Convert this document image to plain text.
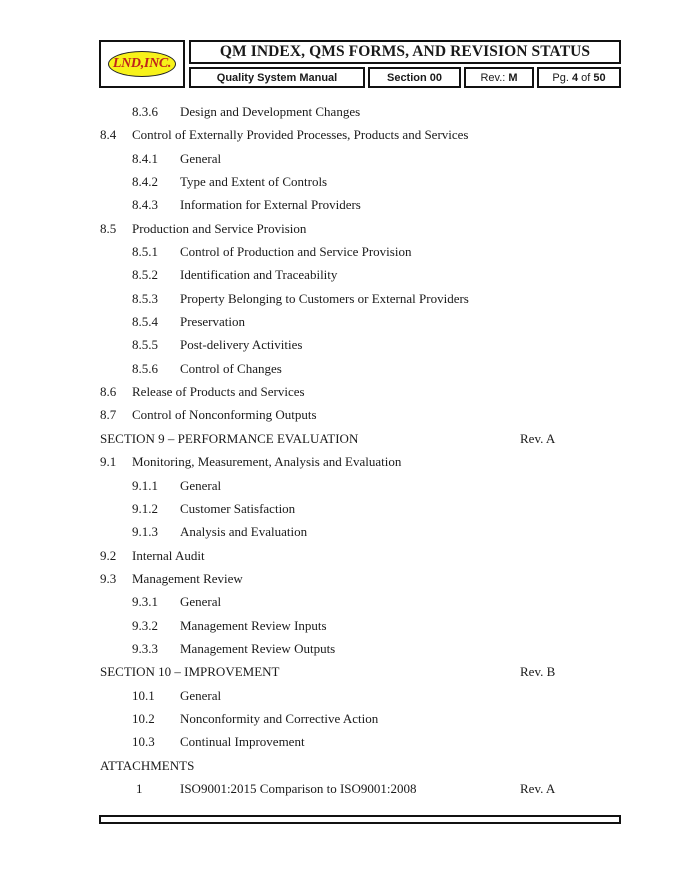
LND,INC.
QM INDEX, QMS FORMS, AND REVISION STATUS
Quality System Manual	Section 00	Rev.:
M	Pg.
4
of
50
8.3.6 Design and Development Changes
8.4 Control of Externally Provided Processes, Products and Services
8.4.1 General
8.4.2 Type and Extent of Controls
8.4.3 Information for External Providers
8.5 Production and Service Provision
8.5.1 Control of Production and Service Provision
8.5.2 Identification and Traceability
8.5.3 Property Belonging to Customers or External Providers
8.5.4 Preservation
8.5.5 Post-delivery Activities
8.5.6 Control of Changes
8.6 Release of Products and Services
8.7 Control of Nonconforming Outputs
SECTION 9 – PERFORMANCE EVALUATION	Rev. A
9.1 Monitoring, Measurement, Analysis and Evaluation
9.1.1 General
9.1.2 Customer Satisfaction
9.1.3 Analysis and Evaluation
9.2 Internal Audit
9.3 Management Review
9.3.1 General
9.3.2 Management Review Inputs
9.3.3 Management Review Outputs
SECTION 10 – IMPROVEMENT	Rev. B
10.1 General
10.2 Nonconformity and Corrective Action
10.3 Continual Improvement
ATTACHMENTS
1	ISO9001:2015 Comparison to ISO9001:2008	Rev. A
